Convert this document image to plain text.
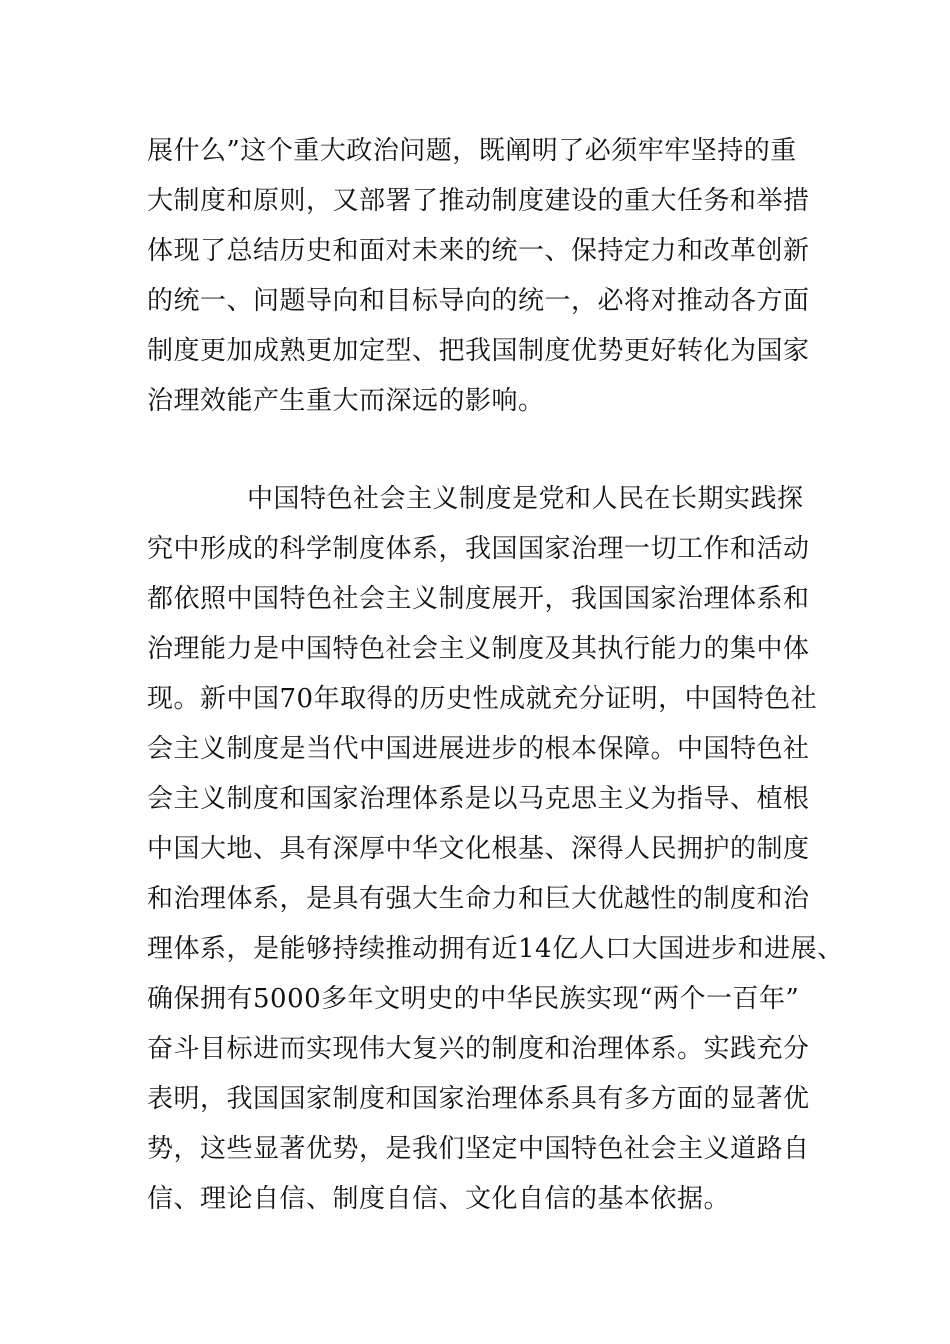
展什么”这个重大政治问题，既阐明了必须牢牢坚持的重
大制度和原则，又部署了推动制度建设的重大任务和举措
体现了总结历史和面对未来的统一、保持定力和改革创新
的统一、问题导向和目标导向的统一，必将对推动各方面
制度更加成熟更加定型、把我国制度优势更好转化为国家
治理效能产生重大而深远的影响。
中国特色社会主义制度是党和人民在长期实践探
究中形成的科学制度体系，我国国家治理一切工作和活动
都依照中国特色社会主义制度展开，我国国家治理体系和
治理能力是中国特色社会主义制度及其执行能力的集中体
现。新中国70年取得的历史性成就充分证明，中国特色社
会主义制度是当代中国进展进步的根本保障。中国特色社
会主义制度和国家治理体系是以马克思主义为指导、植根
中国大地、具有深厚中华文化根基、深得人民拥护的制度
和治理体系，是具有强大生命力和巨大优越性的制度和治
理体系，是能够持续推动拥有近14亿人口大国进步和进展、
确保拥有5000多年文明史的中华民族实现“两个一百年”
奋斗目标进而实现伟大复兴的制度和治理体系。实践充分
表明，我国国家制度和国家治理体系具有多方面的显著优
势，这些显著优势，是我们坚定中国特色社会主义道路自
信、理论自信、制度自信、文化自信的基本依据。
